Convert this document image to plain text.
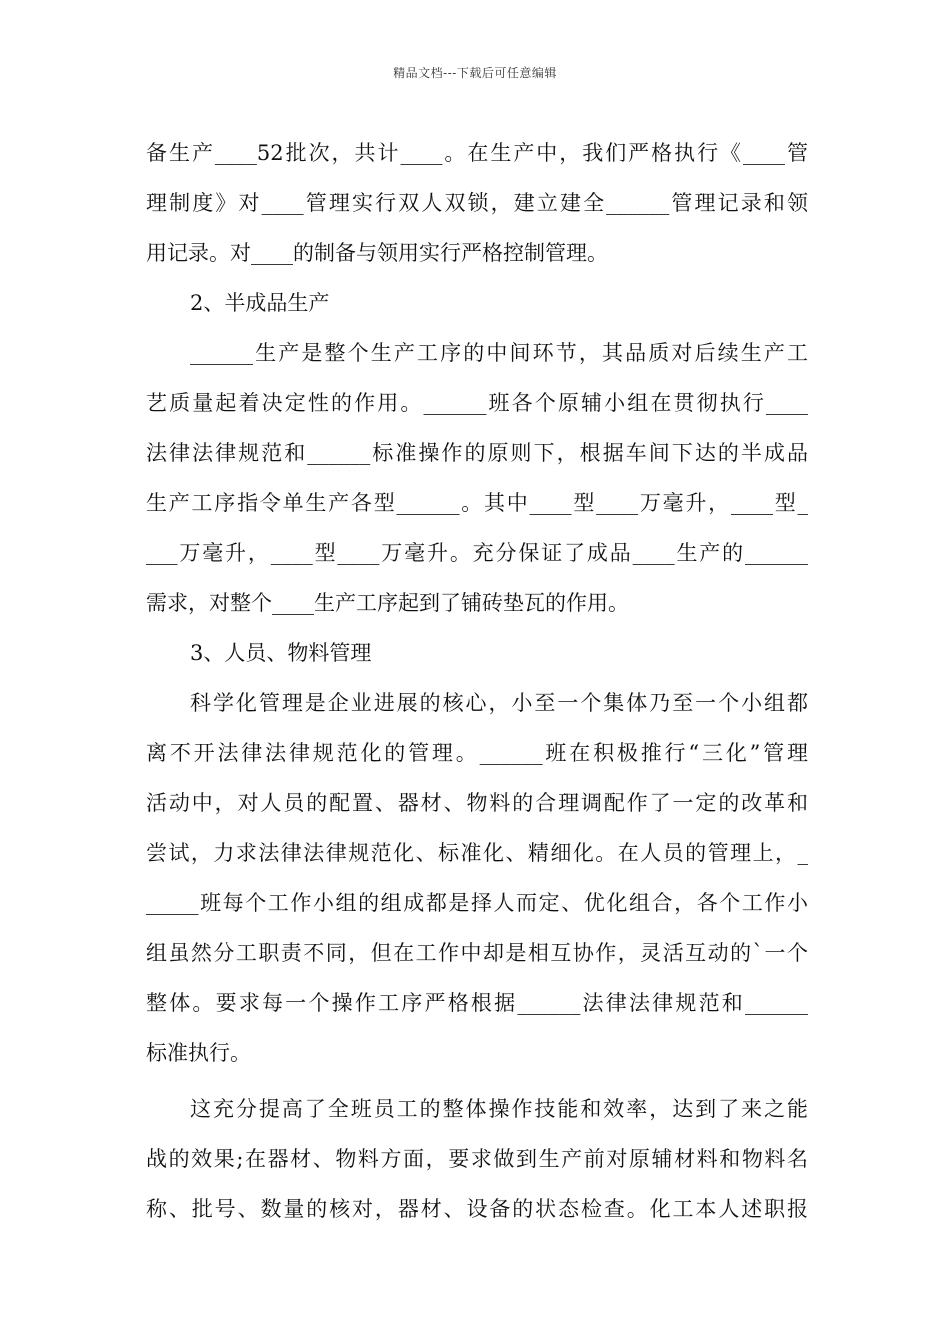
精品文档---下载后可任意编辑
备生产____52批次，共计____。在生产中，我们严格执行《____管
理制度》对____管理实行双人双锁，建立建全______管理记录和领
用记录。对____的制备与领用实行严格控制管理。
2、半成品生产
______生产是整个生产工序的中间环节，其品质对后续生产工
艺质量起着决定性的作用。______班各个原辅小组在贯彻执行____
法律法律规范和______标准操作的原则下，根据车间下达的半成品
生产工序指令单生产各型______。其中____型____万毫升，____型_
___万毫升，____型____万毫升。充分保证了成品____生产的______
需求，对整个____生产工序起到了铺砖垫瓦的作用。
3、人员、物料管理
科学化管理是企业进展的核心，小至一个集体乃至一个小组都
离不开法律法律规范化的管理。______班在积极推行“三化”管理
活动中，对人员的配置、器材、物料的合理调配作了一定的改革和
尝试，力求法律法律规范化、标准化、精细化。在人员的管理上，_
_____班每个工作小组的组成都是择人而定、优化组合，各个工作小
组虽然分工职责不同，但在工作中却是相互协作，灵活互动的`一个
整体。要求每一个操作工序严格根据______法律法律规范和______
标准执行。
这充分提高了全班员工的整体操作技能和效率，达到了来之能
战的效果;在器材、物料方面，要求做到生产前对原辅材料和物料名
称、批号、数量的核对，器材、设备的状态检查。化工本人述职报
